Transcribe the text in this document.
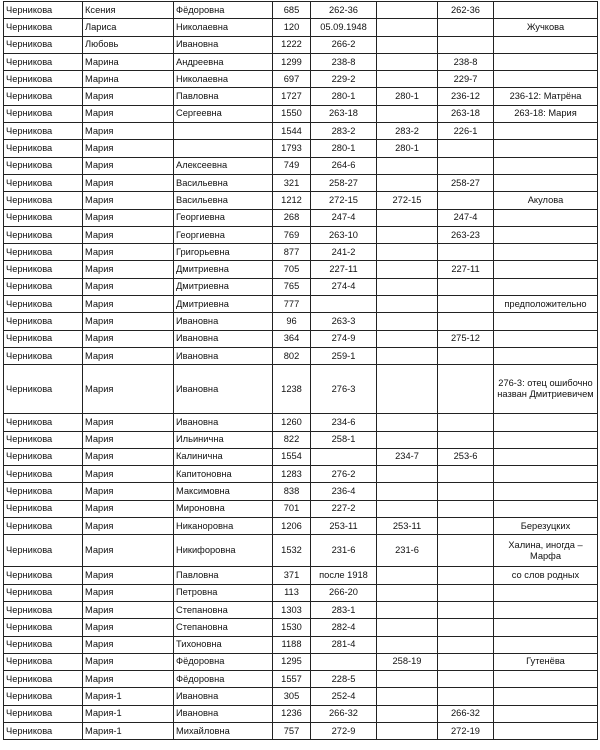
Черникова	Ксения	Фёдоровна	685	262-36		262-36	
Черникова	Лариса	Николаевна	120	05.09.1948			Жучкова
Черникова	Любовь	Ивановна	1222	266-2			
Черникова	Марина	Андреевна	1299	238-8		238-8	
Черникова	Марина	Николаевна	697	229-2		229-7	
Черникова	Мария	Павловна	1727	280-1	280-1	236-12	236-12: Матрёна
Черникова	Мария	Сергеевна	1550	263-18		263-18	263-18: Мария
Черникова	Мария		1544	283-2	283-2	226-1	
Черникова	Мария		1793	280-1	280-1		
Черникова	Мария	Алексеевна	749	264-6			
Черникова	Мария	Васильевна	321	258-27		258-27	
Черникова	Мария	Васильевна	1212	272-15	272-15		Акулова
Черникова	Мария	Георгиевна	268	247-4		247-4	
Черникова	Мария	Георгиевна	769	263-10		263-23	
Черникова	Мария	Григорьевна	877	241-2			
Черникова	Мария	Дмитриевна	705	227-11		227-11	
Черникова	Мария	Дмитриевна	765	274-4			
Черникова	Мария	Дмитриевна	777				предположительно
Черникова	Мария	Ивановна	96	263-3			
Черникова	Мария	Ивановна	364	274-9		275-12	
Черникова	Мария	Ивановна	802	259-1			
Черникова	Мария	Ивановна	1238	276-3			276-3: отец ошибочно назван Дмитриевичем
Черникова	Мария	Ивановна	1260	234-6			
Черникова	Мария	Ильинична	822	258-1			
Черникова	Мария	Калинична	1554		234-7	253-6	
Черникова	Мария	Капитоновна	1283	276-2			
Черникова	Мария	Максимовна	838	236-4			
Черникова	Мария	Мироновна	701	227-2			
Черникова	Мария	Никаноровна	1206	253-11	253-11		Березуцких
Черникова	Мария	Никифоровна	1532	231-6	231-6		Халина, иногда – Марфа
Черникова	Мария	Павловна	371	после 1918			со слов родных
Черникова	Мария	Петровна	113	266-20			
Черникова	Мария	Степановна	1303	283-1			
Черникова	Мария	Степановна	1530	282-4			
Черникова	Мария	Тихоновна	1188	281-4			
Черникова	Мария	Фёдоровна	1295		258-19		Гутенёва
Черникова	Мария	Фёдоровна	1557	228-5			
Черникова	Мария-1	Ивановна	305	252-4			
Черникова	Мария-1	Ивановна	1236	266-32		266-32	
Черникова	Мария-1	Михайловна	757	272-9		272-19	
